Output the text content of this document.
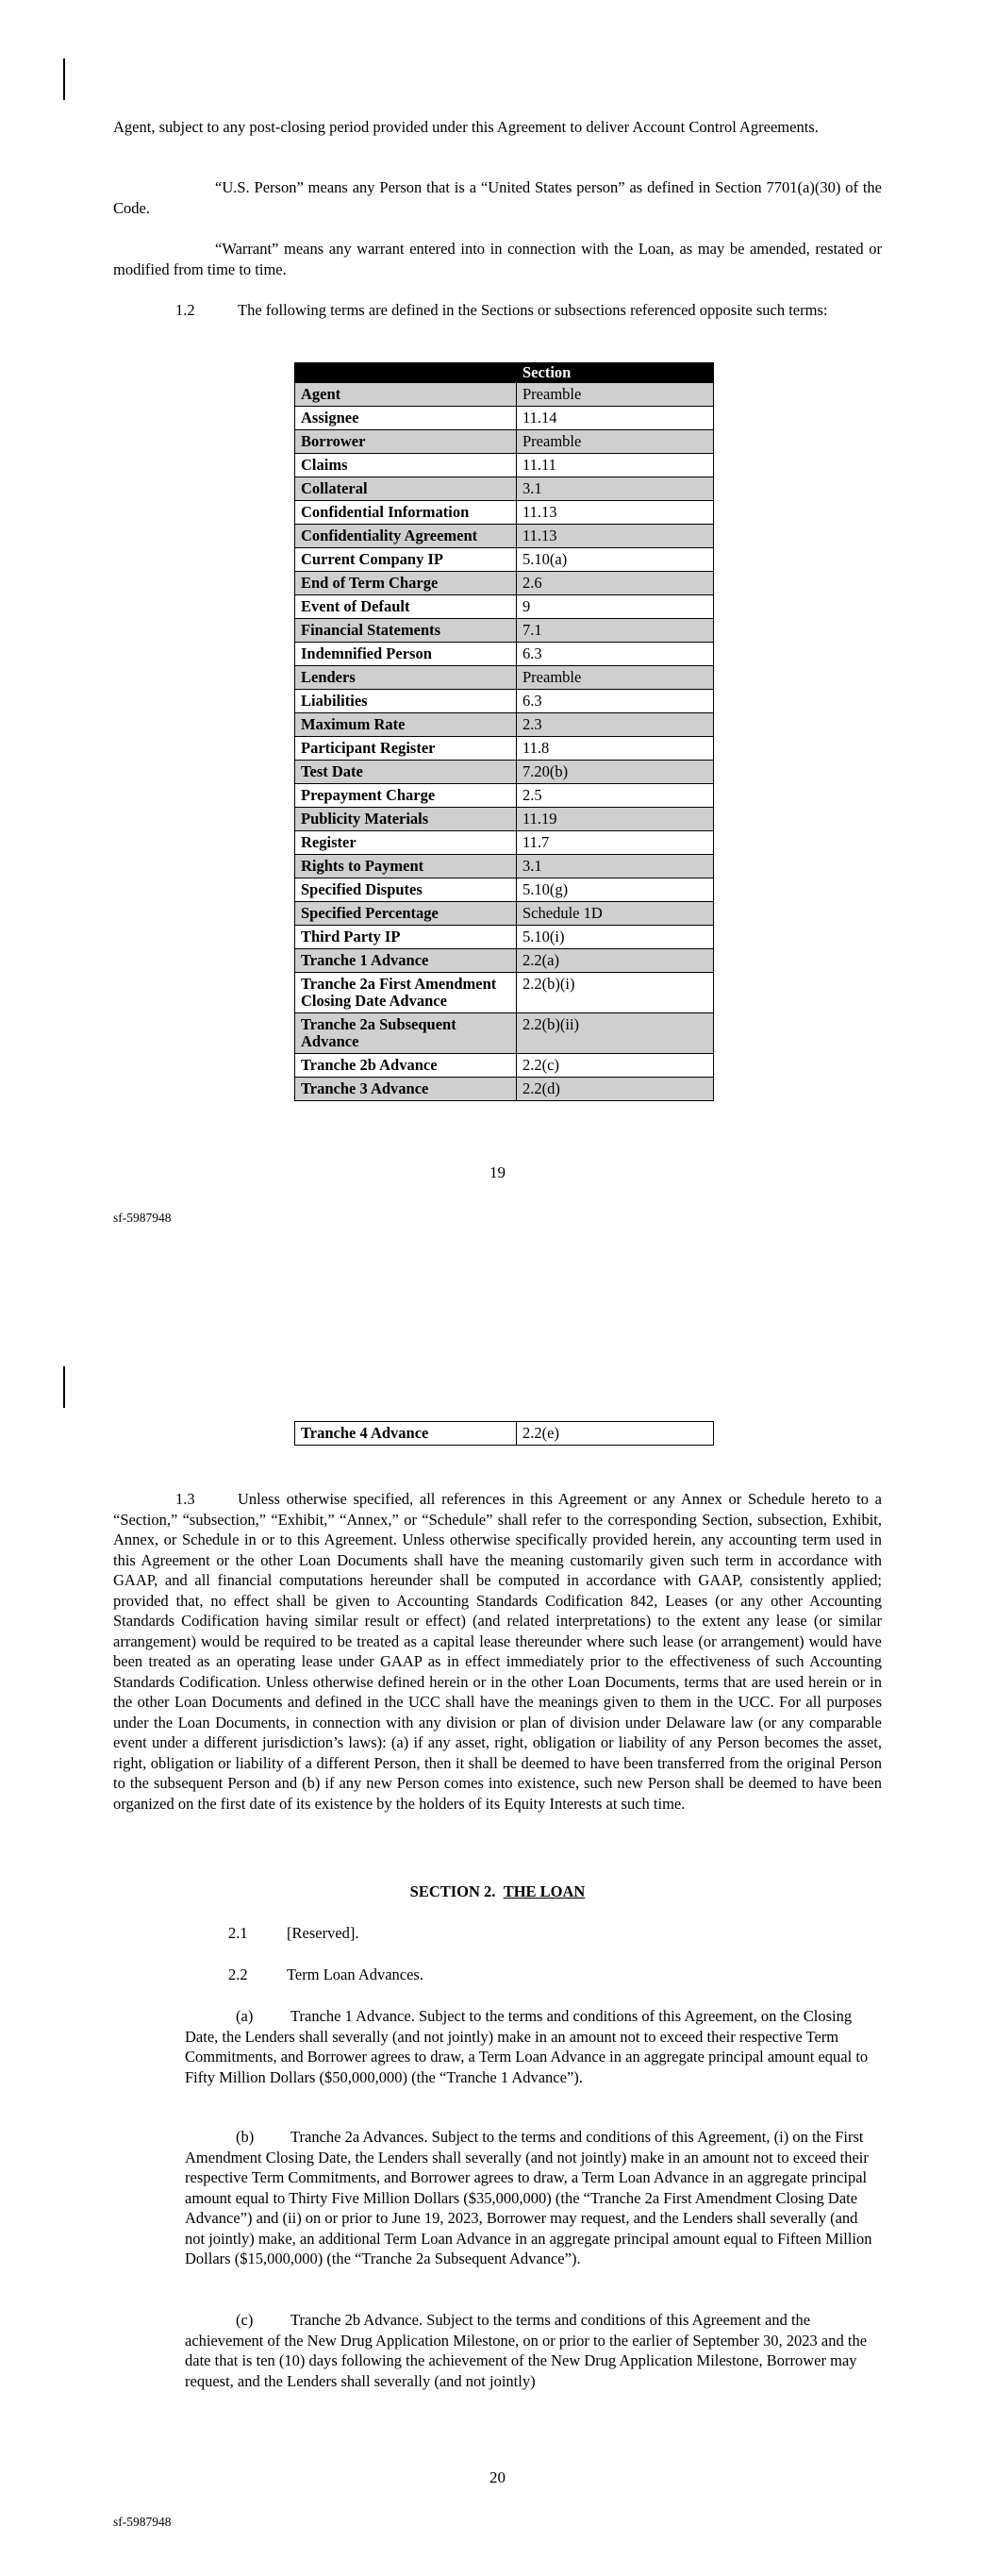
Agent, subject to any post-closing period provided under this Agreement to deliver Account Control Agreements.

“U.S. Person” means any Person that is a “United States person” as defined in Section 7701(a)(30) of the Code.

“Warrant” means any warrant entered into in connection with the Loan, as may be amended, restated or modified from time to time.

1.2	The following terms are defined in the Sections or subsections referenced opposite such terms:

	Section
Agent	Preamble
Assignee	11.14
Borrower	Preamble
Claims	11.11
Collateral	3.1
Confidential Information	11.13
Confidentiality Agreement	11.13
Current Company IP	5.10(a)
End of Term Charge	2.6
Event of Default	9
Financial Statements	7.1
Indemnified Person	6.3
Lenders	Preamble
Liabilities	6.3
Maximum Rate	2.3
Participant Register	11.8
Test Date	7.20(b)
Prepayment Charge	2.5
Publicity Materials	11.19
Register	11.7
Rights to Payment	3.1
Specified Disputes	5.10(g)
Specified Percentage	Schedule 1D
Third Party IP	5.10(i)
Tranche 1 Advance	2.2(a)
Tranche 2a First Amendment Closing Date Advance	2.2(b)(i)
Tranche 2a Subsequent Advance	2.2(b)(ii)
Tranche 2b Advance	2.2(c)
Tranche 3 Advance	2.2(d)
19
sf-5987948
Tranche 4 Advance	2.2(e)

1.3	Unless otherwise specified, all references in this Agreement or any Annex or Schedule hereto to a “Section,” “subsection,” “Exhibit,” “Annex,” or “Schedule” shall refer to the corresponding Section, subsection, Exhibit, Annex, or Schedule in or to this Agreement. Unless otherwise specifically provided herein, any accounting term used in this Agreement or the other Loan Documents shall have the meaning customarily given such term in accordance with GAAP, and all financial computations hereunder shall be computed in accordance with GAAP, consistently applied; provided that, no effect shall be given to Accounting Standards Codification 842, Leases (or any other Accounting Standards Codification having similar result or effect) (and related interpretations) to the extent any lease (or similar arrangement) would be required to be treated as a capital lease thereunder where such lease (or arrangement) would have been treated as an operating lease under GAAP as in effect immediately prior to the effectiveness of such Accounting Standards Codification. Unless otherwise defined herein or in the other Loan Documents, terms that are used herein or in the other Loan Documents and defined in the UCC shall have the meanings given to them in the UCC. For all purposes under the Loan Documents, in connection with any division or plan of division under Delaware law (or any comparable event under a different jurisdiction’s laws): (a) if any asset, right, obligation or liability of any Person becomes the asset, right, obligation or liability of a different Person, then it shall be deemed to have been transferred from the original Person to the subsequent Person and (b) if any new Person comes into existence, such new Person shall be deemed to have been organized on the first date of its existence by the holders of its Equity Interests at such time.

SECTION 2. THE LOAN

2.1	[Reserved].

2.2	Term Loan Advances.

(a) Tranche 1 Advance. Subject to the terms and conditions of this Agreement, on the Closing Date, the Lenders shall severally (and not jointly) make in an amount not to exceed their respective Term Commitments, and Borrower agrees to draw, a Term Loan Advance in an aggregate principal amount equal to Fifty Million Dollars ($50,000,000) (the “Tranche 1 Advance”).

(b) Tranche 2a Advances. Subject to the terms and conditions of this Agreement, (i) on the First Amendment Closing Date, the Lenders shall severally (and not jointly) make in an amount not to exceed their respective Term Commitments, and Borrower agrees to draw, a Term Loan Advance in an aggregate principal amount equal to Thirty Five Million Dollars ($35,000,000) (the “Tranche 2a First Amendment Closing Date Advance”) and (ii) on or prior to June 19, 2023, Borrower may request, and the Lenders shall severally (and not jointly) make, an additional Term Loan Advance in an aggregate principal amount equal to Fifteen Million Dollars ($15,000,000) (the “Tranche 2a Subsequent Advance”).

(c) Tranche 2b Advance. Subject to the terms and conditions of this Agreement and the achievement of the New Drug Application Milestone, on or prior to the earlier of September 30, 2023 and the date that is ten (10) days following the achievement of the New Drug Application Milestone, Borrower may request, and the Lenders shall severally (and not jointly)

20
sf-5987948
